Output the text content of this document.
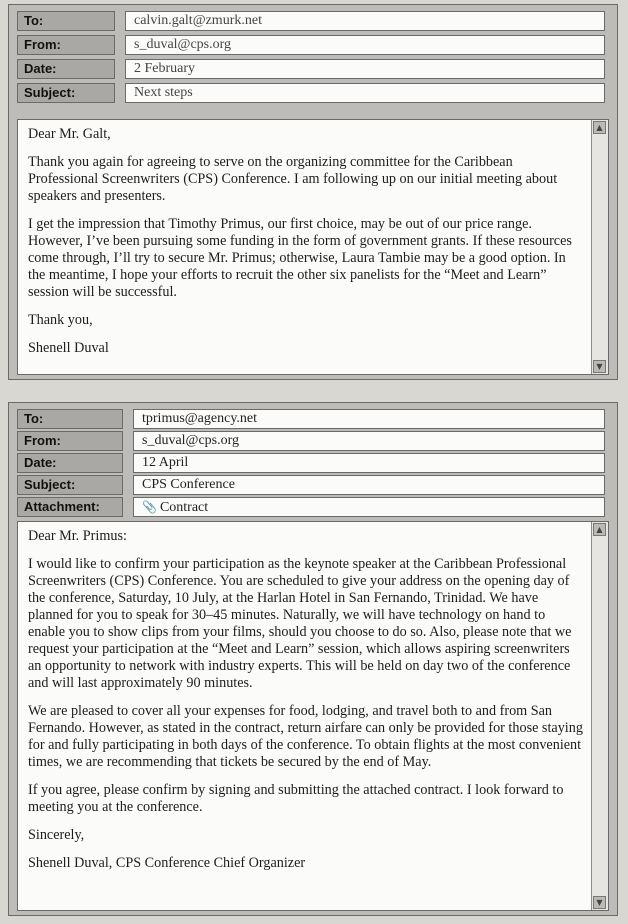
To:	calvin.galt@zmurk.net
From:	s_duval@cps.org
Date:	2 February
Subject:	Next steps

Dear Mr. Galt,

Thank you again for agreeing to serve on the organizing committee for the Caribbean Professional Screenwriters (CPS) Conference. I am following up on our initial meeting about speakers and presenters.

I get the impression that Timothy Primus, our first choice, may be out of our price range. However, I’ve been pursuing some funding in the form of government grants. If these resources come through, I’ll try to secure Mr. Primus; otherwise, Laura Tambie may be a good option. In the meantime, I hope your efforts to recruit the other six panelists for the “Meet and Learn” session will be successful.

Thank you,

Shenell Duval

▲
▼
To:	tprimus@agency.net
From:	s_duval@cps.org
Date:	12 April
Subject:	CPS Conference
Attachment:	📎 Contract

Dear Mr. Primus:

I would like to confirm your participation as the keynote speaker at the Caribbean Professional Screenwriters (CPS) Conference. You are scheduled to give your address on the opening day of the conference, Saturday, 10 July, at the Harlan Hotel in San Fernando, Trinidad. We have planned for you to speak for 30–45 minutes. Naturally, we will have technology on hand to enable you to show clips from your films, should you choose to do so. Also, please note that we request your participation at the “Meet and Learn” session, which allows aspiring screenwriters an opportunity to network with industry experts. This will be held on day two of the conference and will last approximately 90 minutes.

We are pleased to cover all your expenses for food, lodging, and travel both to and from San Fernando. However, as stated in the contract, return airfare can only be provided for those staying for and fully participating in both days of the conference. To obtain flights at the most convenient times, we are recommending that tickets be secured by the end of May.

If you agree, please confirm by signing and submitting the attached contract. I look forward to meeting you at the conference.

Sincerely,

Shenell Duval, CPS Conference Chief Organizer

▲
▼
